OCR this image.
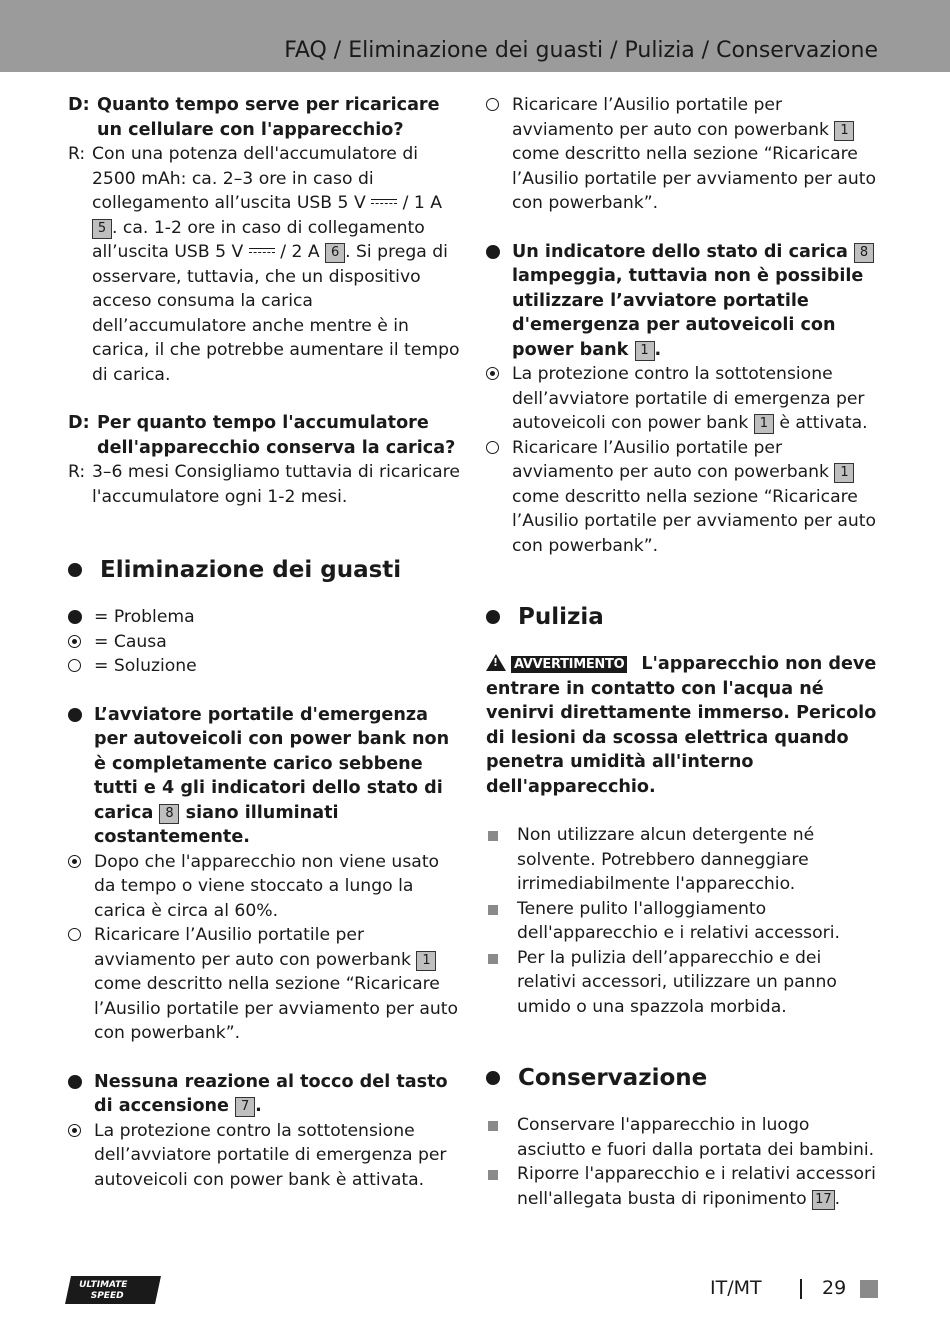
FAQ / Eliminazione dei guasti / Pulizia / Conservazione
D: Quanto tempo serve per ricaricare un cellulare con l'apparecchio?
R: Con una potenza dell'accumulatore di 2500 mAh: ca. 2–3 ore in caso di collegamento all’uscita USB 5 V / 1 A 5 . ca. 1-2 ore in caso di collegamento all’uscita USB 5 V / 2 A 6 . Si prega di osservare, tuttavia, che un dispositivo acceso consuma la carica dell’accumulatore anche mentre è in carica, il che potrebbe aumentare il tempo di carica.
D: Per quanto tempo l'accumulatore dell'apparecchio conserva la carica?
R: 3–6 mesi Consigliamo tuttavia di ricaricare l'accumulatore ogni 1-2 mesi.
Eliminazione dei guasti
= Problema
= Causa
= Soluzione
L’avviatore portatile d'emergenza per autoveicoli con power bank non è completamente carico sebbene tutti e 4 gli indicatori dello stato di carica 8 siano illuminati costantemente.
Dopo che l'apparecchio non viene usato da tempo o viene stoccato a lungo la carica è circa al 60%.
Ricaricare l’Ausilio portatile per avviamento per auto con powerbank 1 come descritto nella sezione “Ricaricare l’Ausilio portatile per avviamento per auto con powerbank”.
Nessuna reazione al tocco del tasto di accensione 7 .
La protezione contro la sottotensione dell’avviatore portatile di emergenza per autoveicoli con power bank è attivata.
Ricaricare l’Ausilio portatile per avviamento per auto con powerbank 1 come descritto nella sezione “Ricaricare l’Ausilio portatile per avviamento per auto con powerbank”.
Un indicatore dello stato di carica 8 lampeggia, tuttavia non è possibile utilizzare l’avviatore portatile d'emergenza per autoveicoli con power bank 1 .
La protezione contro la sottotensione dell’avviatore portatile di emergenza per autoveicoli con power bank 1 è attivata.
Ricaricare l’Ausilio portatile per avviamento per auto con powerbank 1 come descritto nella sezione “Ricaricare l’Ausilio portatile per avviamento per auto con powerbank”.
Pulizia
!AVVERTIMENTO L'apparecchio non deve entrare in contatto con l'acqua né venirvi direttamente immerso. Pericolo di lesioni da scossa elettrica quando penetra umidità all'interno dell'apparecchio.
Non utilizzare alcun detergente né solvente. Potrebbero danneggiare irrimediabilmente l'apparecchio.
Tenere pulito l'alloggiamento dell'apparecchio e i relativi accessori.
Per la pulizia dell’apparecchio e dei relativi accessori, utilizzare un panno umido o una spazzola morbida.
Conservazione
Conservare l'apparecchio in luogo asciutto e fuori dalla portata dei bambini.
Riporre l'apparecchio e i relativi accessori nell'allegata busta di riponimento 17 .
ULTIMATE
SPEED	IT/MT	29
